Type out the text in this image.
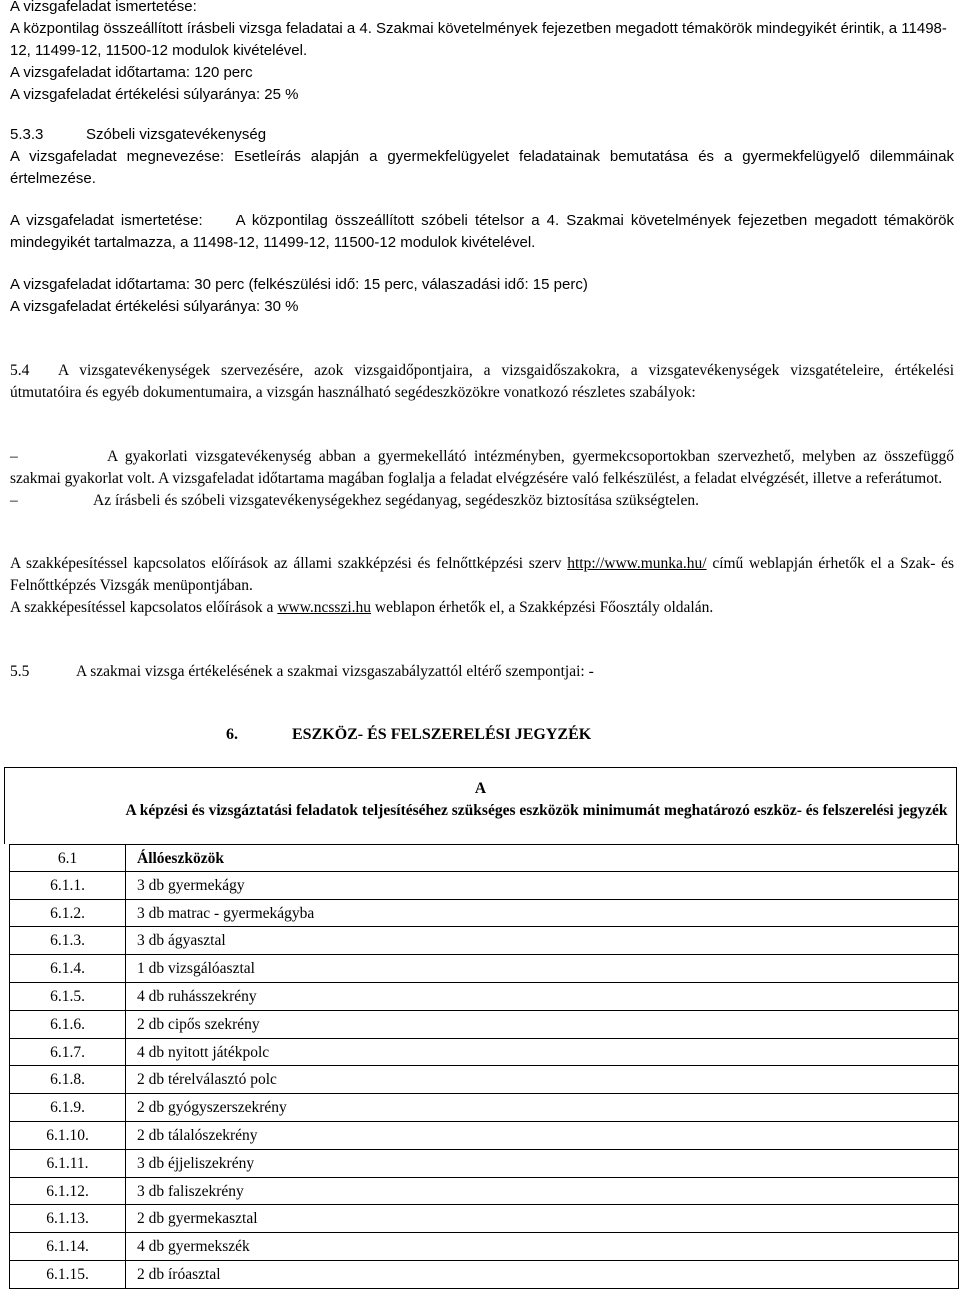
A vizsgafeladat ismertetése:

A központilag összeállított írásbeli vizsga feladatai a 4. Szakmai követelmények fejezetben megadott témakörök mindegyikét érintik, a 11498-12, 11499-12, 11500-12 modulok kivételével.

A vizsgafeladat időtartama: 120 perc

A vizsgafeladat értékelési súlyaránya: 25 %

5.3.3	Szóbeli vizsgatevékenység

A vizsgafeladat megnevezése: Esetleírás alapján a gyermekfelügyelet feladatainak bemutatása és a gyermekfelügyelő dilemmáinak értelmezése.

A vizsgafeladat ismertetése: A központilag összeállított szóbeli tételsor a 4. Szakmai követelmények fejezetben megadott témakörök mindegyikét tartalmazza, a 11498-12, 11499-12, 11500-12 modulok kivételével.

A vizsgafeladat időtartama: 30 perc (felkészülési idő: 15 perc, válaszadási idő: 15 perc)

A vizsgafeladat értékelési súlyaránya: 30 %

5.4 A vizsgatevékenységek szervezésére, azok vizsgaidőpontjaira, a vizsgaidőszakokra, a vizsgatevékenységek vizsgatételeire, értékelési útmutatóira és egyéb dokumentumaira, a vizsgán használható segédeszközökre vonatkozó részletes szabályok:

–	A gyakorlati vizsgatevékenység abban a gyermekellátó intézményben, gyermekcsoportokban szervezhető, melyben az összefüggő szakmai gyakorlat volt. A vizsgafeladat időtartama magában foglalja a feladat elvégzésére való felkészülést, a feladat elvégzését, illetve a referátumot.

–	Az írásbeli és szóbeli vizsgatevékenységekhez segédanyag, segédeszköz biztosítása szükségtelen.

A szakképesítéssel kapcsolatos előírások az állami szakképzési és felnőttképzési szerv http://www.munka.hu/ című weblapján érhetők el a Szak- és Felnőttképzés Vizsgák menüpontjában.

A szakképesítéssel kapcsolatos előírások a www.ncsszi.hu weblapon érhetők el, a Szakképzési Főosztály oldalán.

5.5	A szakmai vizsga értékelésének a szakmai vizsgaszabályzattól eltérő szempontjai: -

6.	ESZKÖZ- ÉS FELSZERELÉSI JEGYZÉK
A
A képzési és vizsgáztatási feladatok teljesítéséhez szükséges eszközök minimumát meghatározó eszköz- és felszerelési jegyzék
6.1	Állóeszközök
6.1.1.	3 db gyermekágy
6.1.2.	3 db matrac - gyermekágyba
6.1.3.	3 db ágyasztal
6.1.4.	1 db vizsgálóasztal
6.1.5.	4 db ruhásszekrény
6.1.6.	2 db cipős szekrény
6.1.7.	4 db nyitott játékpolc
6.1.8.	2 db térelválasztó polc
6.1.9.	2 db gyógyszerszekrény
6.1.10.	2 db tálalószekrény
6.1.11.	3 db éjjeliszekrény
6.1.12.	3 db faliszekrény
6.1.13.	2 db gyermekasztal
6.1.14.	4 db gyermekszék
6.1.15.	2 db íróasztal
